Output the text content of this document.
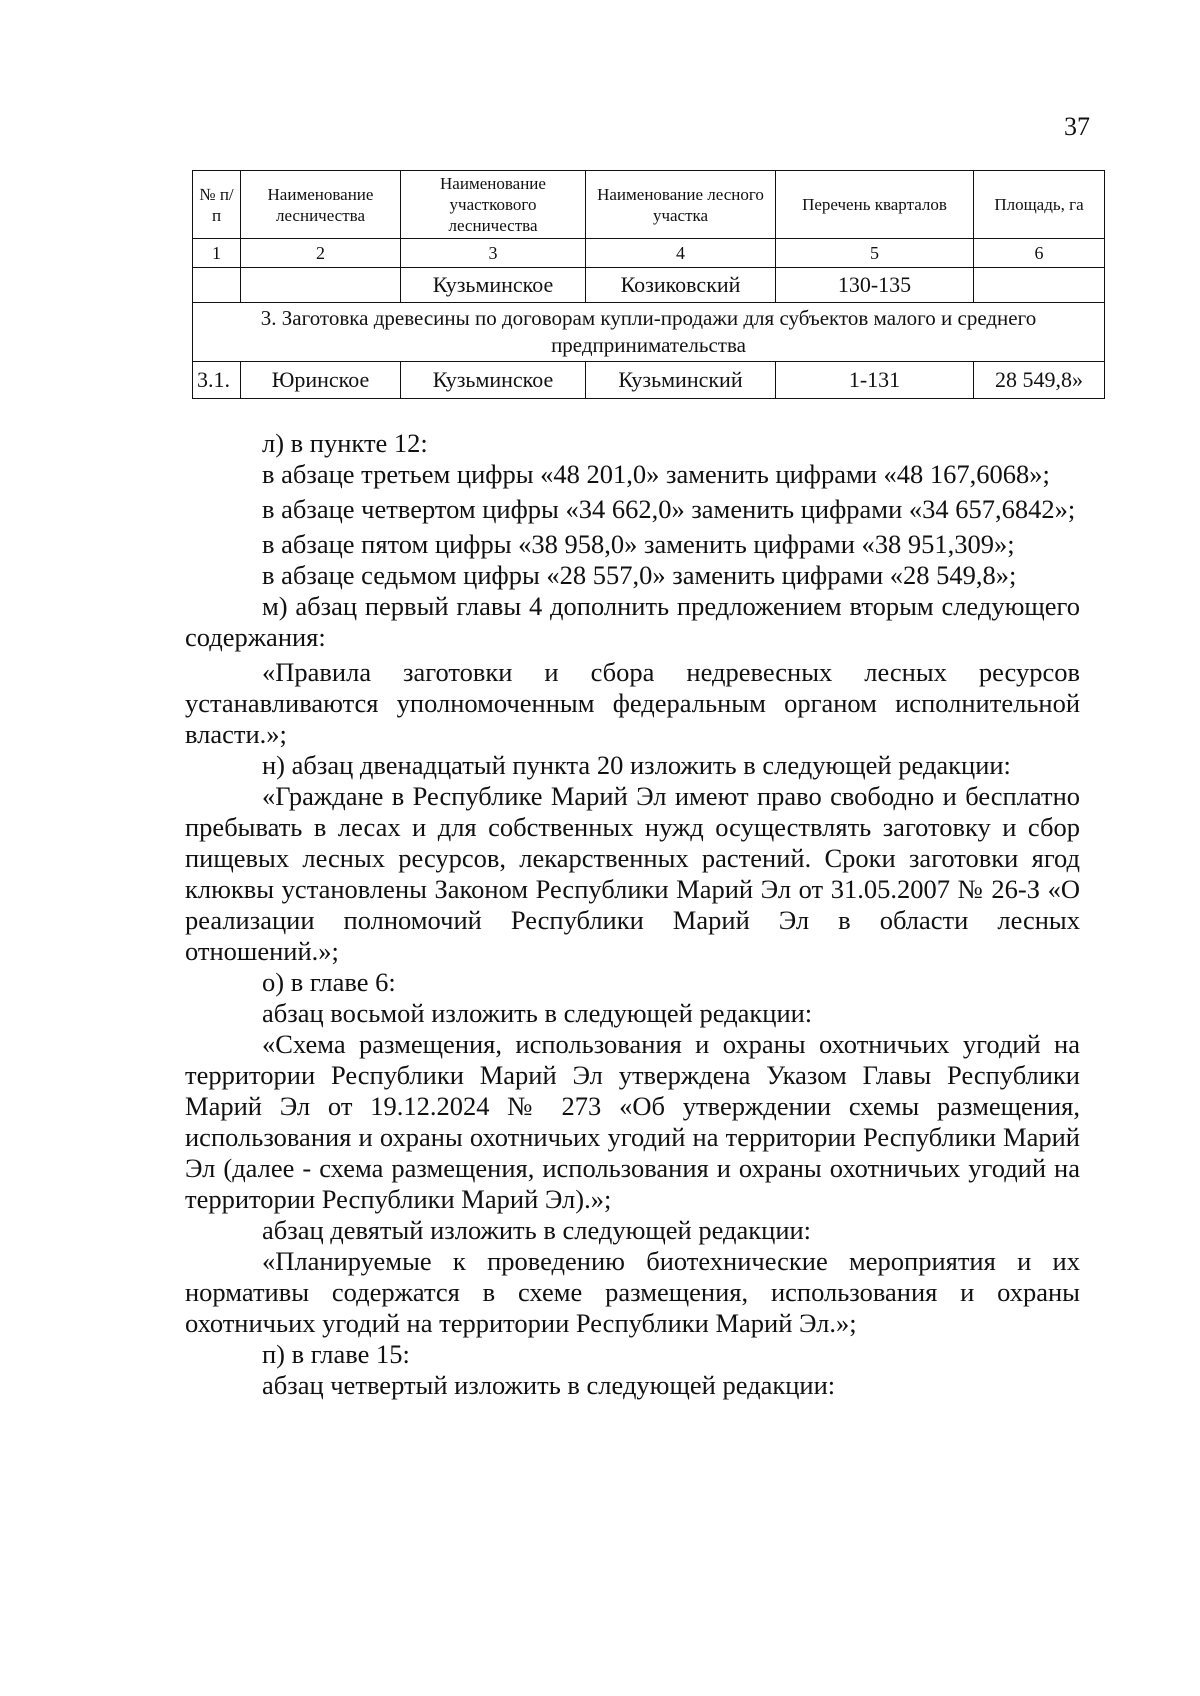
37
№ п/п	Наименование лесничества	Наименование участкового лесничества	Наименование лесного участка	Перечень кварталов	Площадь, га
1	2	3	4	5	6
		Кузьминское	Козиковский	130-135	
3. Заготовка древесины по договорам купли-продажи для субъектов малого и среднего предпринимательства					
3.1.	Юринское	Кузьминское	Кузьминский	1-131	28 549,8»

л) в пункте 12:

в абзаце третьем цифры «48 201,0» заменить цифрами «48 167,6068»;

в абзаце четвертом цифры «34 662,0» заменить цифрами «34 657,6842»;

в абзаце пятом цифры «38 958,0» заменить цифрами «38 951,309»;

в абзаце седьмом цифры «28 557,0» заменить цифрами «28 549,8»;

м) абзац первый главы 4 дополнить предложением вторым следующего содержания:

«Правила заготовки и сбора недревесных лесных ресурсов устанавливаются уполномоченным федеральным органом исполнительной власти.»;

н) абзац двенадцатый пункта 20 изложить в следующей редакции:

«Граждане в Республике Марий Эл имеют право свободно и бесплатно пребывать в лесах и для собственных нужд осуществлять заготовку и сбор пищевых лесных ресурсов, лекарственных растений. Сроки заготовки ягод клюквы установлены Законом Республики Марий Эл от 31.05.2007 № 26-З «О реализации полномочий Республики Марий Эл в области лесных отношений.»;

о) в главе 6:

абзац восьмой изложить в следующей редакции:

«Схема размещения, использования и охраны охотничьих угодий на территории Республики Марий Эл утверждена Указом Главы Республики Марий Эл от 19.12.2024 № 273 «Об утверждении схемы размещения, использования и охраны охотничьих угодий на территории Республики Марий Эл (далее - схема размещения, использования и охраны охотничьих угодий на территории Республики Марий Эл).»;

абзац девятый изложить в следующей редакции:

«Планируемые к проведению биотехнические мероприятия и их нормативы содержатся в схеме размещения, использования и охраны охотничьих угодий на территории Республики Марий Эл.»;

п) в главе 15:

абзац четвертый изложить в следующей редакции:
